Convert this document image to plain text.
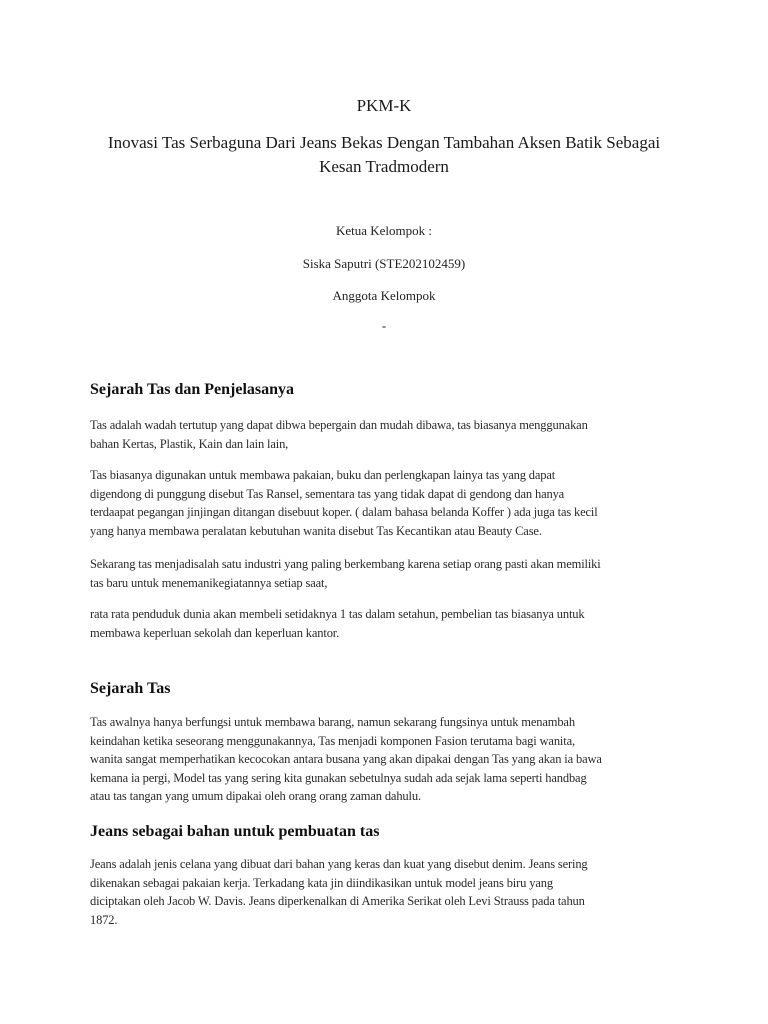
PKM-K
Inovasi Tas Serbaguna Dari Jeans Bekas Dengan Tambahan Aksen Batik Sebagai
Kesan Tradmodern
Ketua Kelompok :
Siska Saputri (STE202102459)
Anggota Kelompok
-
Sejarah Tas dan Penjelasanya
Tas adalah wadah tertutup yang dapat dibwa bepergain dan mudah dibawa, tas biasanya menggunakan
bahan Kertas, Plastik, Kain dan lain lain,
Tas biasanya digunakan untuk membawa pakaian, buku dan perlengkapan lainya tas yang dapat
digendong di punggung disebut Tas Ransel, sementara tas yang tidak dapat di gendong dan hanya
terdaapat pegangan jinjingan ditangan disebuut koper. ( dalam bahasa belanda Koffer ) ada juga tas kecil
yang hanya membawa peralatan kebutuhan wanita disebut Tas Kecantikan atau Beauty Case.
Sekarang tas menjadisalah satu industri yang paling berkembang karena setiap orang pasti akan memiliki
tas baru untuk menemanikegiatannya setiap saat,
rata rata penduduk dunia akan membeli setidaknya 1 tas dalam setahun, pembelian tas biasanya untuk
membawa keperluan sekolah dan keperluan kantor.
Sejarah Tas
Tas awalnya hanya berfungsi untuk membawa barang, namun sekarang fungsinya untuk menambah
keindahan ketika seseorang menggunakannya, Tas menjadi komponen Fasion terutama bagi wanita,
wanita sangat memperhatikan kecocokan antara busana yang akan dipakai dengan Tas yang akan ia bawa
kemana ia pergi, Model tas yang sering kita gunakan sebetulnya sudah ada sejak lama seperti handbag
atau tas tangan yang umum dipakai oleh orang orang zaman dahulu.
Jeans sebagai bahan untuk pembuatan tas
Jeans adalah jenis celana yang dibuat dari bahan yang keras dan kuat yang disebut denim. Jeans sering
dikenakan sebagai pakaian kerja. Terkadang kata jin diindikasikan untuk model jeans biru yang
diciptakan oleh Jacob W. Davis. Jeans diperkenalkan di Amerika Serikat oleh Levi Strauss pada tahun
1872.
